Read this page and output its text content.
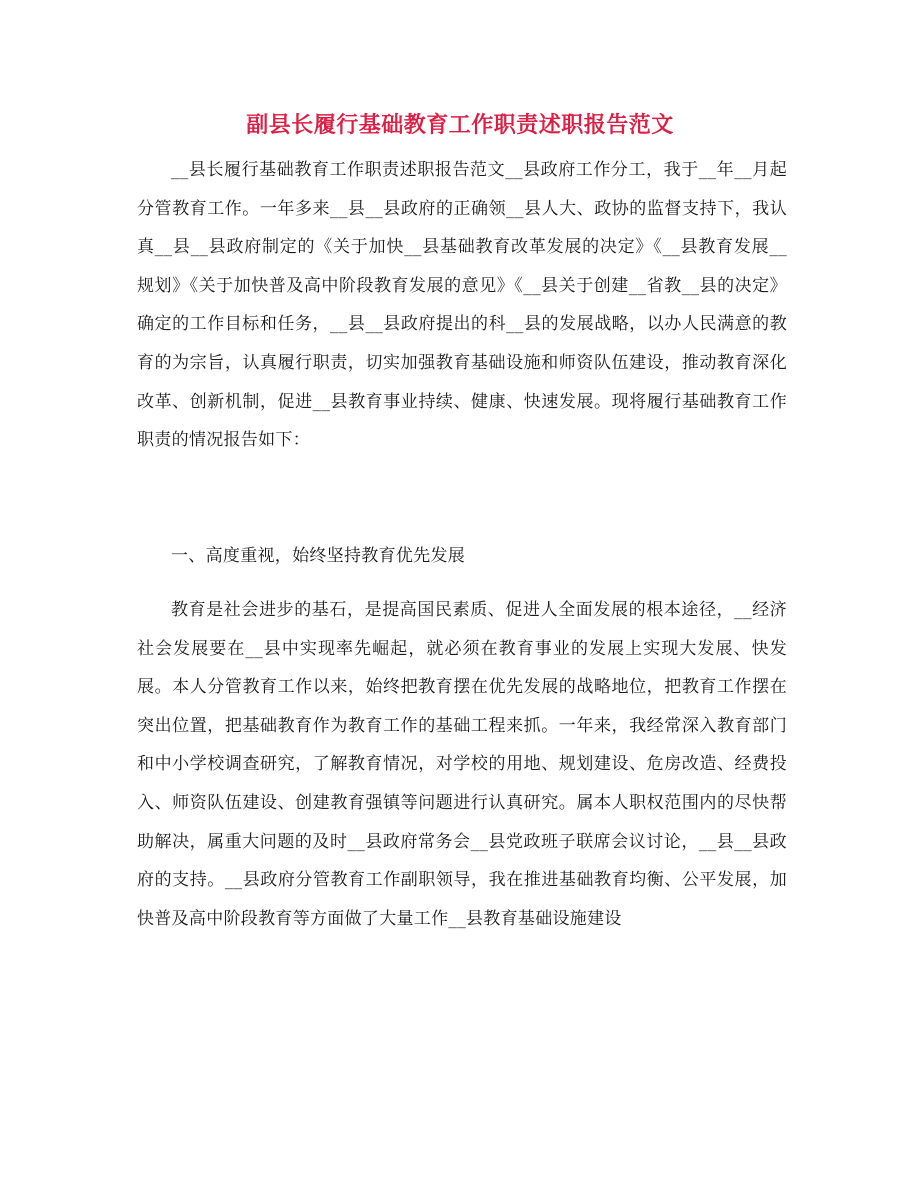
副县长履行基础教育工作职责述职报告范文

__县长履行基础教育工作职责述职报告范文__县政府工作分工，我于__年__月起分管教育工作。一年多来__县__县政府的正确领__县人大、政协的监督支持下，我认真__县__县政府制定的《关于加快__县基础教育改革发展的决定》《__县教育发展__规划》《关于加快普及高中阶段教育发展的意见》《__县关于创建__省教__县的决定》确定的工作目标和任务，__县__县政府提出的科__县的发展战略，以办人民满意的教育的为宗旨，认真履行职责，切实加强教育基础设施和师资队伍建设，推动教育深化改革、创新机制，促进__县教育事业持续、健康、快速发展。现将履行基础教育工作职责的情况报告如下：

一、高度重视，始终坚持教育优先发展

教育是社会进步的基石，是提高国民素质、促进人全面发展的根本途径，__经济社会发展要在__县中实现率先崛起，就必须在教育事业的发展上实现大发展、快发展。本人分管教育工作以来，始终把教育摆在优先发展的战略地位，把教育工作摆在突出位置，把基础教育作为教育工作的基础工程来抓。一年来，我经常深入教育部门和中小学校调查研究，了解教育情况，对学校的用地、规划建设、危房改造、经费投入、师资队伍建设、创建教育强镇等问题进行认真研究。属本人职权范围内的尽快帮助解决，属重大问题的及时__县政府常务会__县党政班子联席会议讨论，__县__县政府的支持。__县政府分管教育工作副职领导，我在推进基础教育均衡、公平发展，加快普及高中阶段教育等方面做了大量工作__县教育基础设施建设
